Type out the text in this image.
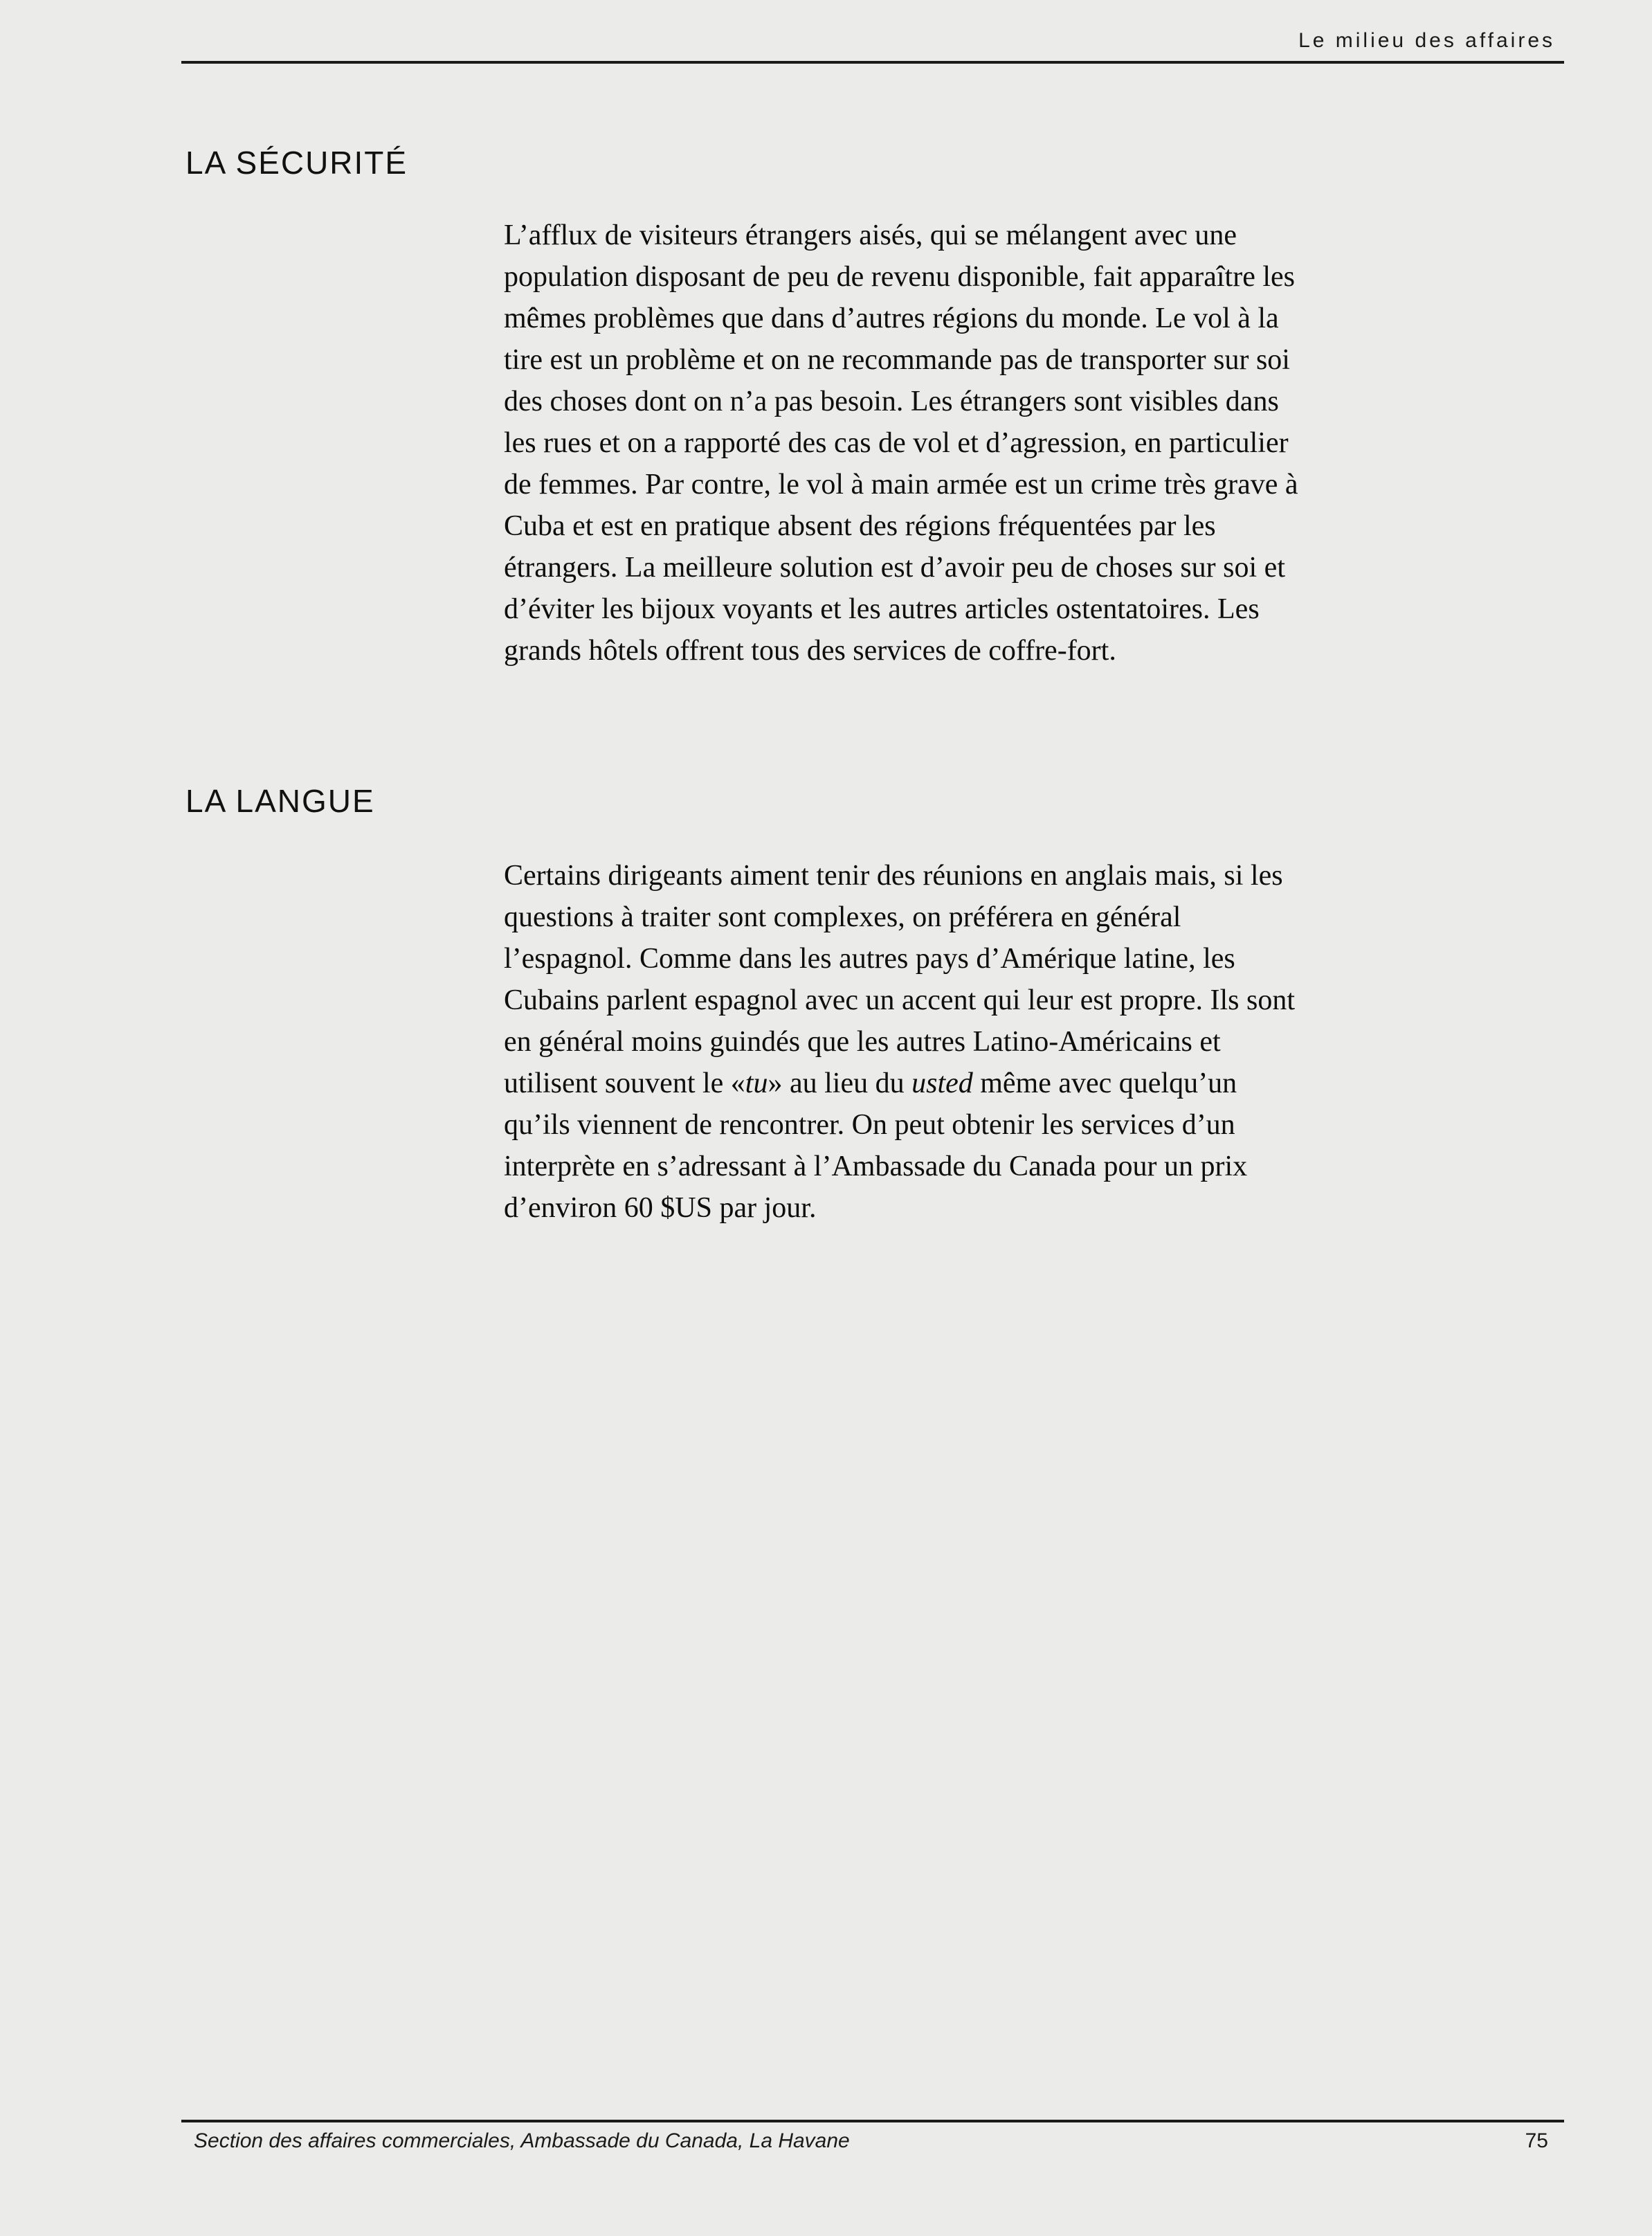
Le milieu des affaires

LA SÉCURITÉ

L’afflux de visiteurs étrangers aisés, qui se mélangent avec une
population disposant de peu de revenu disponible, fait apparaître les
mêmes problèmes que dans d’autres régions du monde. Le vol à la
tire est un problème et on ne recommande pas de transporter sur soi
des choses dont on n’a pas besoin. Les étrangers sont visibles dans
les rues et on a rapporté des cas de vol et d’agression, en particulier
de femmes. Par contre, le vol à main armée est un crime très grave à
Cuba et est en pratique absent des régions fréquentées par les
étrangers. La meilleure solution est d’avoir peu de choses sur soi et
d’éviter les bijoux voyants et les autres articles ostentatoires. Les
grands hôtels offrent tous des services de coffre-fort.

LA LANGUE

Certains dirigeants aiment tenir des réunions en anglais mais, si les
questions à traiter sont complexes, on préférera en général
l’espagnol. Comme dans les autres pays d’Amérique latine, les
Cubains parlent espagnol avec un accent qui leur est propre. Ils sont
en général moins guindés que les autres Latino-Américains et
utilisent souvent le «tu» au lieu du usted même avec quelqu’un
qu’ils viennent de rencontrer. On peut obtenir les services d’un
interprète en s’adressant à l’Ambassade du Canada pour un prix
d’environ 60 $US par jour.

Section des affaires commerciales, Ambassade du Canada, La Havane	75
